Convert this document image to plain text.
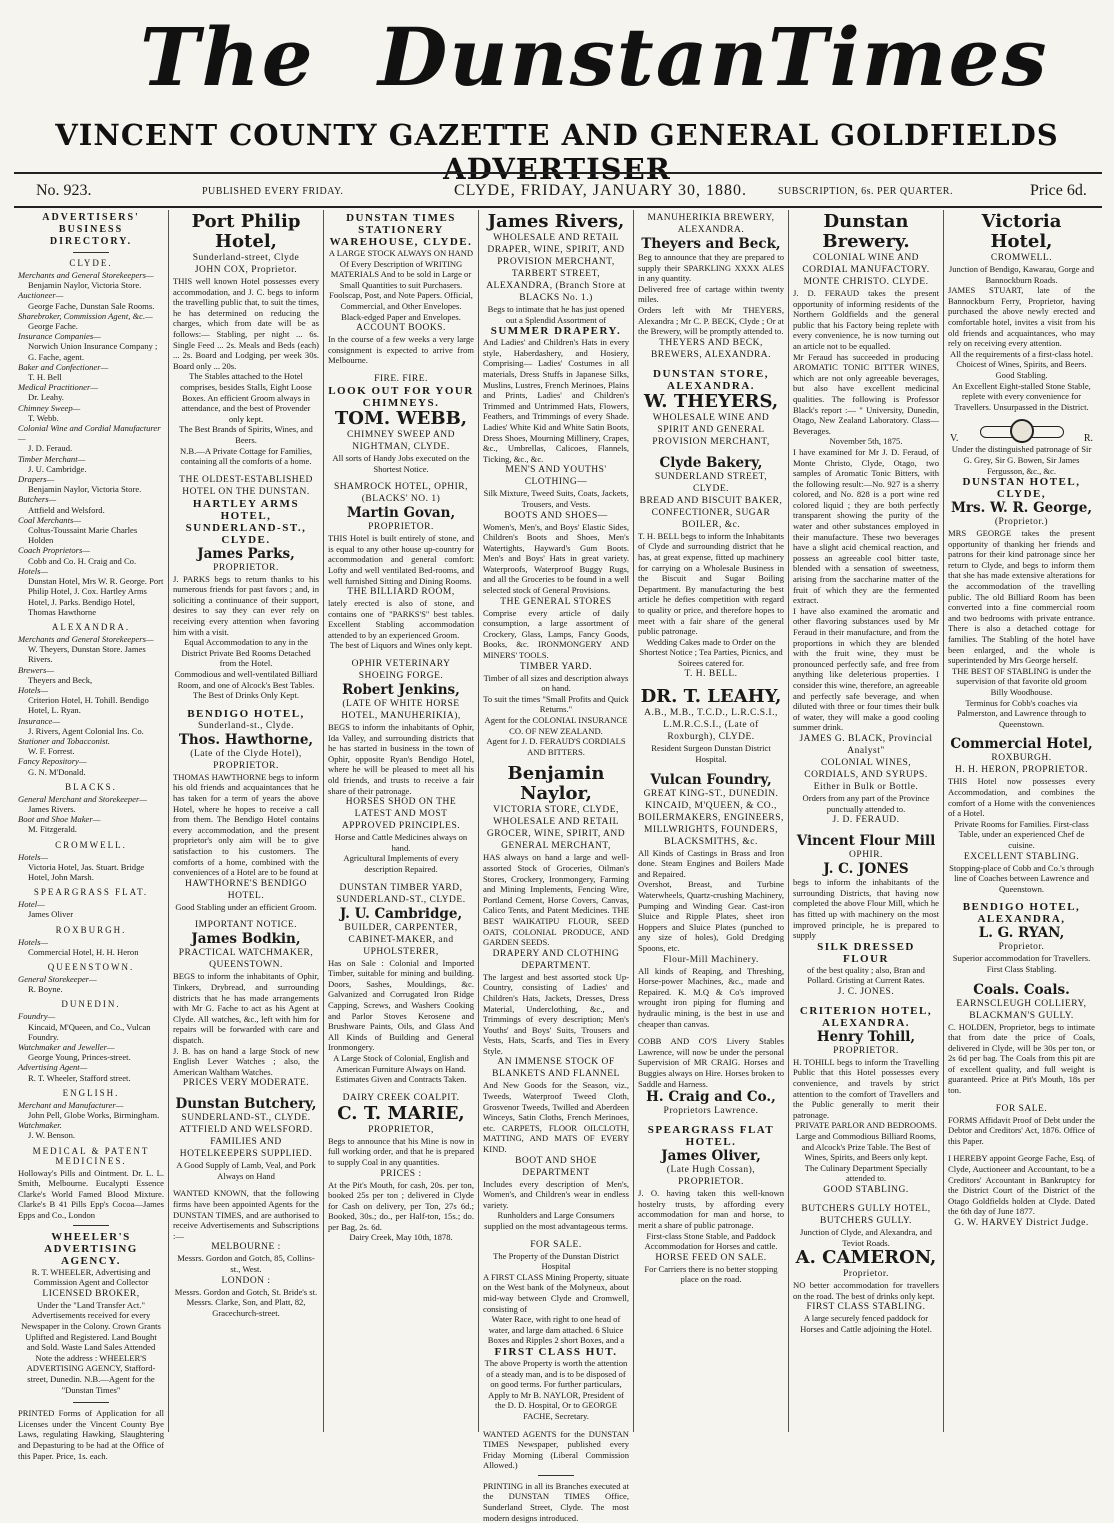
The Dunstan
Times
VINCENT COUNTY GAZETTE AND GENERAL GOLDFIELDS ADVERTISER
No. 923.	PUBLISHED EVERY FRIDAY.	CLYDE, FRIDAY, JANUARY 30, 1880.	SUBSCRIPTION, 6s. PER QUARTER.	Price 6d.
ADVERTISERS' BUSINESS DIRECTORY.
CLYDE.
Merchants and General Storekeepers—
Benjamin Naylor, Victoria Store.
Auctioneer—
George Fache, Dunstan Sale Rooms.
Sharebroker, Commission Agent, &c.—
George Fache.
Insurance Companies—
Norwich Union Insurance Company ; G. Fache, agent.
Baker and Confectioner—
T. H. Bell
Medical Practitioner—
Dr. Leahy.
Chimney Sweep—
T. Webb.
Colonial Wine and Cordial Manufacturer—
J. D. Feraud.
Timber Merchant—
J. U. Cambridge.
Drapers—
Benjamin Naylor, Victoria Store.
Butchers—
Attfield and Welsford.
Coal Merchants—
Coltus-Toussaint Marie Charles Holden
Coach Proprietors—
Cobb and Co. H. Craig and Co.
Hotels—
Dunstan Hotel, Mrs W. R. George. Port Philip Hotel, J. Cox. Hartley Arms Hotel, J. Parks. Bendigo Hotel, Thomas Hawthorne
ALEXANDRA.
Merchants and General Storekeepers—
W. Theyers, Dunstan Store. James Rivers.
Brewers—
Theyers and Beck,
Hotels—
Criterion Hotel, H. Tohill. Bendigo Hotel, L. Ryan.
Insurance—
J. Rivers, Agent Colonial Ins. Co.
Stationer and Tobacconist.
W. F. Forrest.
Fancy Repository—
G. N. M'Donald.
BLACKS.
General Merchant and Storekeeper—
James Rivers.
Boot and Shoe Maker—
M. Fitzgerald.
CROMWELL.
Hotels—
Victoria Hotel, Jas. Stuart. Bridge Hotel, John Marsh.
SPEARGRASS FLAT.
Hotel—
James Oliver
ROXBURGH.
Hotels—
Commercial Hotel, H. H. Heron
QUEENSTOWN.
General Storekeeper—
R. Boyne.
DUNEDIN.
Foundry—
Kincaid, M'Queen, and Co., Vulcan Foundry.
Watchmaker and Jeweller—
George Young, Princes-street.
Advertising Agent—
R. T. Wheeler, Stafford street.
ENGLISH.
Merchant and Manufacturer—
John Pell, Globe Works, Birmingham.
Watchmaker.
J. W. Benson.
MEDICAL & PATENT MEDICINES.
Holloway's Pills and Ointment. Dr. L. L. Smith, Melbourne. Eucalypti Essence Clarke's World Famed Blood Mixture. Clarke's B 41 Pills Epp's Cocoa—James Epps and Co., London
WHEELER'S ADVERTISING AGENCY.
R. T. WHEELER, Advertising and Commission Agent and Collector
LICENSED BROKER,
Under the "Land Transfer Act."
Advertisements received for every Newspaper in the Colony. Crown Grants Uplifted and Registered. Land Bought and Sold. Waste Land Sales Attended
Note the address : WHEELER'S ADVERTISING AGENCY, Stafford-street, Dunedin. N.B.—Agent for the "Dunstan Times"
PRINTED Forms of Application for all Licenses under the Vincent County Bye Laws, regulating Hawking, Slaughtering and Depasturing to be had at the Office of this Paper. Price, 1s. each.
Port Philip Hotel,
Sunderland-street, Clyde
JOHN COX, Proprietor.
THIS well known Hotel possesses every accommodation, and J. C. begs to inform the travelling public that, to suit the times, he has determined on reducing the charges, which from date will be as follows:— Stabling, per night ... 6s. Single Feed ... 2s. Meals and Beds (each) ... 2s. Board and Lodging, per week 30s. Board only ... 20s.
The Stables attached to the Hotel comprises, besides Stalls, Eight Loose Boxes. An efficient Groom always in attendance, and the best of Provender only kept.
The Best Brands of Spirits, Wines, and Beers.
N.B.—A Private Cottage for Families, containing all the comforts of a home.
THE OLDEST-ESTABLISHED HOTEL ON THE DUNSTAN.
HARTLEY ARMS HOTEL, SUNDERLAND-ST., CLYDE.
James Parks,
PROPRIETOR.
J. PARKS begs to return thanks to his numerous friends for past favors ; and, in soliciting a continuance of their support, desires to say they can ever rely on receiving every attention when favoring him with a visit.
Equal Accommodation to any in the District Private Bed Rooms Detached from the Hotel.
Commodious and well-ventilated Billiard Room, and one of Alcock's Best Tables.
The Best of Drinks Only Kept.
BENDIGO HOTEL,
Sunderland-st., Clyde.
Thos. Hawthorne,
(Late of the Clyde Hotel), PROPRIETOR.
THOMAS HAWTHORNE begs to inform his old friends and acquaintances that he has taken for a term of years the above Hotel, where he hopes to receive a call from them. The Bendigo Hotel contains every accommodation, and the present proprietor's only aim will be to give satisfaction to his customers. The comforts of a home, combined with the conveniences of a Hotel are to be found at
HAWTHORNE'S BENDIGO HOTEL.
Good Stabling under an efficient Groom.
IMPORTANT NOTICE.
James Bodkin,
PRACTICAL WATCHMAKER, QUEENSTOWN.
BEGS to inform the inhabitants of Ophir, Tinkers, Drybread, and surrounding districts that he has made arrangements with Mr G. Fache to act as his Agent at Clyde. All watches, &c., left with him for repairs will be forwarded with care and dispatch.
J. B. has on hand a large Stock of new English Lever Watches ; also, the American Waltham Watches.
PRICES VERY MODERATE.
Dunstan Butchery,
SUNDERLAND-ST., CLYDE.
ATTFIELD AND WELSFORD.
FAMILIES AND HOTELKEEPERS SUPPLIED.
A Good Supply of Lamb, Veal, and Pork Always on Hand
WANTED KNOWN, that the following firms have been appointed Agents for the DUNSTAN TIMES, and are authorised to receive Advertisements and Subscriptions :—
MELBOURNE :
Messrs. Gordon and Gotch, 85, Collins-st., West.
LONDON :
Messrs. Gordon and Gotch, St. Bride's st. Messrs. Clarke, Son, and Platt, 82, Gracechurch-street.
DUNSTAN TIMES STATIONERY WAREHOUSE, CLYDE.
A LARGE STOCK ALWAYS ON HAND Of Every Description of WRITING MATERIALS And to be sold in Large or Small Quantities to suit Purchasers.
Foolscap, Post, and Note Papers. Official, Commercial, and Other Envelopes. Black-edged Paper and Envelopes.
ACCOUNT BOOKS.
In the course of a few weeks a very large consignment is expected to arrive from Melbourne.
FIRE. FIRE.
LOOK OUT FOR YOUR CHIMNEYS.
TOM. WEBB,
CHIMNEY SWEEP AND NIGHTMAN, CLYDE.
All sorts of Handy Jobs executed on the Shortest Notice.
SHAMROCK HOTEL, OPHIR, (BLACKS' NO. 1)
Martin Govan,
PROPRIETOR.
THIS Hotel is built entirely of stone, and is equal to any other house up-country for accommodation and general comfort: Lofty and well ventilated Bed-rooms, and well furnished Sitting and Dining Rooms.
THE BILLIARD ROOM,
lately erected is also of stone, and contains one of "PARKS'S" best tables. Excellent Stabling accommodation attended to by an experienced Groom.
The best of Liquors and Wines only kept.
OPHIR VETERINARY SHOEING FORGE.
Robert Jenkins,
(LATE OF WHITE HORSE HOTEL, MANUHERIKIA),
BEGS to inform the inhabitants of Ophir, Ida Valley, and surrounding districts that he has started in business in the town of Ophir, opposite Ryan's Bendigo Hotel, where he will be pleased to meet all his old friends, and trusts to receive a fair share of their patronage.
HORSES SHOD ON THE LATEST AND MOST APPROVED PRINCIPLES.
Horse and Cattle Medicines always on hand.
Agricultural Implements of every description Repaired.
DUNSTAN TIMBER YARD, SUNDERLAND-ST., CLYDE.
J. U. Cambridge,
BUILDER, CARPENTER, CABINET-MAKER, and UPHOLSTERER,
Has on Sale : Colonial and Imported Timber, suitable for mining and building. Doors, Sashes, Mouldings, &c. Galvanized and Corrugated Iron Ridge Capping, Screws, and Washers Cooking and Parlor Stoves Kerosene and Brushware Paints, Oils, and Glass And All Kinds of Building and General Ironmongery.
A Large Stock of Colonial, English and American Furniture Always on Hand.
Estimates Given and Contracts Taken.
DAIRY CREEK COALPIT.
C. T. MARIE,
PROPRIETOR,
Begs to announce that his Mine is now in full working order, and that he is prepared to supply Coal in any quantities.
PRICES :
At the Pit's Mouth, for cash, 20s. per ton, booked 25s per ton ; delivered in Clyde for Cash on delivery, per Ton, 27s 6d.; Booked, 30s.; do., per Half-ton, 15s.; do. per Bag, 2s. 6d.
Dairy Creek, May 10th, 1878.
James Rivers,
WHOLESALE AND RETAIL DRAPER, WINE, SPIRIT, AND PROVISION MERCHANT, TARBERT STREET, ALEXANDRA, (Branch Store at BLACKS No. 1.)
Begs to intimate that he has just opened out a Splendid Assortment of
SUMMER DRAPERY.
And Ladies' and Children's Hats in every style, Haberdashery, and Hosiery, Comprising— Ladies' Costumes in all materials, Dress Stuffs in Japanese Silks, Muslins, Lustres, French Merinoes, Plains and Prints, Ladies' and Children's Trimmed and Untrimmed Hats, Flowers, Feathers, and Trimmings of every Shade. Ladies' White Kid and White Satin Boots, Dress Shoes, Mourning Millinery, Crapes, &c., Umbrellas, Calicoes, Flannels, Ticking, &c., &c.
MEN'S AND YOUTHS' CLOTHING—
Silk Mixture, Tweed Suits, Coats, Jackets, Trousers, and Vests.
BOOTS AND SHOES—
Women's, Men's, and Boys' Elastic Sides, Children's Boots and Shoes, Men's Watertights, Hayward's Gum Boots. Men's and Boys' Hats in great variety. Waterproofs, Waterproof Buggy Rugs, and all the Groceries to be found in a well selected stock of General Provisions.
THE GENERAL STORES
Comprise every article of daily consumption, a large assortment of Crockery, Glass, Lamps, Fancy Goods, Books, &c. IRONMONGERY AND MINERS' TOOLS.
TIMBER YARD.
Timber of all sizes and description always on hand.
To suit the times "Small Profits and Quick Returns."
Agent for the COLONIAL INSURANCE CO. OF NEW ZEALAND.
Agent for J. D. FERAUD'S CORDIALS AND BITTERS.
Benjamin Naylor,
VICTORIA STORE, CLYDE, WHOLESALE AND RETAIL GROCER, WINE, SPIRIT, AND GENERAL MERCHANT,
HAS always on hand a large and well-assorted Stock of Groceries, Oilman's Stores, Crockery, Ironmongery, Farming and Mining Implements, Fencing Wire, Portland Cement, Horse Covers, Canvas, Calico Tents, and Patent Medicines. THE BEST WAIKATIPU FLOUR, SEED OATS, COLONIAL PRODUCE, AND GARDEN SEEDS.
DRAPERY AND CLOTHING DEPARTMENT.
The largest and best assorted stock Up-Country, consisting of Ladies' and Children's Hats, Jackets, Dresses, Dress Material, Underclothing, &c., and Trimmings of every description; Men's Youths' and Boys' Suits, Trousers and Vests, Hats, Scarfs, and Ties in Every Style.
AN IMMENSE STOCK OF BLANKETS AND FLANNEL
And New Goods for the Season, viz., Tweeds, Waterproof Tweed Cloth, Grosvenor Tweeds, Twilled and Aberdeen Winceys, Satin Cloths, French Merinoes, etc. CARPETS, FLOOR OILCLOTH, MATTING, AND MATS OF EVERY KIND.
BOOT AND SHOE DEPARTMENT
Includes every description of Men's, Women's, and Children's wear in endless variety.
Runholders and Large Consumers supplied on the most advantageous terms.
FOR SALE.
The Property of the Dunstan District Hospital
A FIRST CLASS Mining Property, situate on the West bank of the Molyneux, about mid-way between Clyde and Cromwell, consisting of
Water Race, with right to one head of water, and large dam attached. 6 Sluice Boxes and Ripples 2 short Boxes, and a
FIRST CLASS HUT.
The above Property is worth the attention of a steady man, and is to be disposed of on good terms. For further particulars, Apply to Mr B. NAYLOR, President of the D. D. Hospital, Or to GEORGE FACHE, Secretary.
WANTED AGENTS for the DUNSTAN TIMES Newspaper, published every Friday Morning (Liberal Commission Allowed.)
PRINTING in all its Branches executed at the DUNSTAN TIMES Office, Sunderland Street, Clyde. The most modern designs introduced.
MANUHERIKIA BREWERY, ALEXANDRA.
Theyers and Beck,
Beg to announce that they are prepared to supply their SPARKLING XXXX ALES in any quantity.
Delivered free of cartage within twenty miles.
Orders left with Mr THEYERS, Alexandra ; Mr C. P. BECK, Clyde ; Or at the Brewery, will be promptly attended to.
THEYERS AND BECK, BREWERS, ALEXANDRA.
DUNSTAN STORE, ALEXANDRA.
W. THEYERS,
WHOLESALE WINE AND SPIRIT AND GENERAL PROVISION MERCHANT,
Clyde Bakery,
SUNDERLAND STREET, CLYDE.
BREAD AND BISCUIT BAKER, CONFECTIONER, SUGAR BOILER, &c.
T. H. BELL begs to inform the Inhabitants of Clyde and surrounding district that he has, at great expense, fitted up machinery for carrying on a Wholesale Business in the Biscuit and Sugar Boiling Department. By manufacturing the best article he defies competition with regard to quality or price, and therefore hopes to meet with a fair share of the general public patronage.
Wedding Cakes made to Order on the Shortest Notice ; Tea Parties, Picnics, and Soirees catered for.
T. H. BELL.
DR. T. LEAHY,
A.B., M.B., T.C.D., L.R.C.S.I., L.M.R.C.S.I., (Late of Roxburgh), CLYDE.
Resident Surgeon Dunstan District Hospital.
Vulcan Foundry,
GREAT KING-ST., DUNEDIN.
KINCAID, M'QUEEN, & CO., BOILERMAKERS, ENGINEERS, MILLWRIGHTS, FOUNDERS, BLACKSMITHS, &c.
All Kinds of Castings in Brass and Iron done. Steam Engines and Boilers Made and Repaired.
Overshot, Breast, and Turbine Waterwheels, Quartz-crushing Machinery, Pumping and Winding Gear. Cast-iron Sluice and Ripple Plates, sheet iron Hoppers and Sluice Plates (punched to any size of holes), Gold Dredging Spoons, etc.
Flour-Mill Machinery.
All kinds of Reaping, and Threshing, Horse-power Machines, &c., made and Repaired. K. M.Q & Co's improved wrought iron piping for fluming and hydraulic mining, is the best in use and cheaper than canvas.
COBB AND CO'S Livery Stables Lawrence, will now be under the personal Supervision of MR CRAIG. Horses and Buggies always on Hire. Horses broken to Saddle and Harness.
H. Craig and Co.,
Proprietors Lawrence.
SPEARGRASS FLAT HOTEL.
James Oliver,
(Late Hugh Cossan), PROPRIETOR.
J. O. having taken this well-known hostelry trusts, by affording every accommodation for man and horse, to merit a share of public patronage.
First-class Stone Stable, and Paddock Accommodation for Horses and cattle.
HORSE FEED ON SALE.
For Carriers there is no better stopping place on the road.
Dunstan Brewery.
COLONIAL WINE AND CORDIAL MANUFACTORY. MONTE CHRISTO. CLYDE.
J. D. FERAUD takes the present opportunity of informing residents of the Northern Goldfields and the general public that his Factory being replete with every convenience, he is now turning out an article not to be equalled.
Mr Feraud has succeeded in producing AROMATIC TONIC BITTER WINES, which are not only agreeable beverages, but also have excellent medicinal qualities. The following is Professor Black's report :— " University, Dunedin, Otago, New Zealand Laboratory. Class—Beverages.
November 5th, 1875.
I have examined for Mr J. D. Feraud, of Monte Christo, Clyde, Otago, two samples of Aromatic Tonic Bitters, with the following result:—No. 927 is a sherry colored, and No. 828 is a port wine red colored liquid ; they are both perfectly transparent showing the purity of the water and other substances employed in their manufacture. These two beverages have a slight acid chemical reaction, and possess an agreeable cool bitter taste, blended with a sensation of sweetness, arising from the saccharine matter of the fruit of which they are the fermented extract.
I have also examined the aromatic and other flavoring substances used by Mr Feraud in their manufacture, and from the proportions in which they are blended with the fruit wine, they must be pronounced perfectly safe, and free from anything like deleterious properties. I consider this wine, therefore, an agreeable and perfectly safe beverage, and when diluted with three or four times their bulk of water, they will make a good cooling summer drink.
JAMES G. BLACK, Provincial Analyst"
COLONIAL WINES, CORDIALS, AND SYRUPS. Either in Bulk or Bottle.
Orders from any part of the Province punctually attended to.
J. D. FERAUD.
Vincent Flour Mill
OPHIR.
J. C. JONES
begs to inform the inhabitants of the surrounding Districts, that having now completed the above Flour Mill, which he has fitted up with machinery on the most improved principle, he is prepared to supply
SILK DRESSED FLOUR
of the best quality ; also, Bran and Pollard. Gristing at Current Rates.
J. C. JONES.
CRITERION HOTEL, ALEXANDRA.
Henry Tohill,
PROPRIETOR.
H. TOHILL begs to inform the Travelling Public that this Hotel possesses every convenience, and travels by strict attention to the comfort of Travellers and the Public generally to merit their patronage.
PRIVATE PARLOR AND BEDROOMS. Large and Commodious Billiard Rooms, and Alcock's Prize Table. The Best of Wines, Spirits, and Beers only kept.
The Culinary Department Specially attended to.
GOOD STABLING.
BUTCHERS GULLY HOTEL, BUTCHERS GULLY.
Junction of Clyde, and Alexandra, and Teviot Roads.
A. CAMERON,
Proprietor.
NO better accommodation for travellers on the road. The best of drinks only kept.
FIRST CLASS STABLING.
A large securely fenced paddock for Horses and Cattle adjoining the Hotel.
Victoria Hotel,
CROMWELL.
Junction of Bendigo, Kawarau, Gorge and Bannockburn Roads.
JAMES STUART, late of the Bannockburn Ferry, Proprietor, having purchased the above newly erected and comfortable hotel, invites a visit from his old friends and acquaintances, who may rely on receiving every attention.
All the requirements of a first-class hotel. Choicest of Wines, Spirits, and Beers. Good Stabling.
An Excellent Eight-stalled Stone Stable, replete with every convenience for Travellers. Unsurpassed in the District.
V.	R.
Under the distinguished patronage of Sir G. Grey, Sir G. Bowen, Sir James Fergusson, &c., &c.
DUNSTAN HOTEL, CLYDE,
Mrs. W. R. George,
(Proprietor.)
MRS GEORGE takes the present opportunity of thanking her friends and patrons for their kind patronage since her return to Clyde, and begs to inform them that she has made extensive alterations for the accommodation of the travelling public. The old Billiard Room has been converted into a fine commercial room and two bedrooms with private entrance. There is also a detached cottage for families. The Stabling of the hotel have been enlarged, and the whole is superintended by Mrs George herself.
THE BEST OF STABLING is under the supervision of that favorite old groom Billy Woodhouse.
Terminus for Cobb's coaches via Palmerston, and Lawrence through to Queenstown.
Commercial Hotel,
ROXBURGH.
H. H. HERON, PROPRIETOR.
THIS Hotel now possesses every Accommodation, and combines the comfort of a Home with the conveniences of a Hotel.
Private Rooms for Families. First-class Table, under an experienced Chef de cuisine.
EXCELLENT STABLING.
Stopping-place of Cobb and Co.'s through line of Coaches between Lawrence and Queenstown.
BENDIGO HOTEL, ALEXANDRA,
L. G. RYAN,
Proprietor.
Superior accommodation for Travellers. First Class Stabling.
Coals. Coals.
EARNSCLEUGH COLLIERY, BLACKMAN'S GULLY.
C. HOLDEN, Proprietor, begs to intimate that from date the price of Coals, delivered in Clyde, will be 30s per ton, or 2s 6d per bag. The Coals from this pit are of excellent quality, and full weight is guaranteed. Price at Pit's Mouth, 18s per ton.
FOR SALE.
FORMS Affidavit Proof of Debt under the Debtor and Creditors' Act, 1876. Office of this Paper.
I HEREBY appoint George Fache, Esq. of Clyde, Auctioneer and Accountant, to be a Creditors' Accountant in Bankruptcy for the District Court of the District of the Otago Goldfields holden at Clyde. Dated the 6th day of June 1877.
G. W. HARVEY District Judge.
